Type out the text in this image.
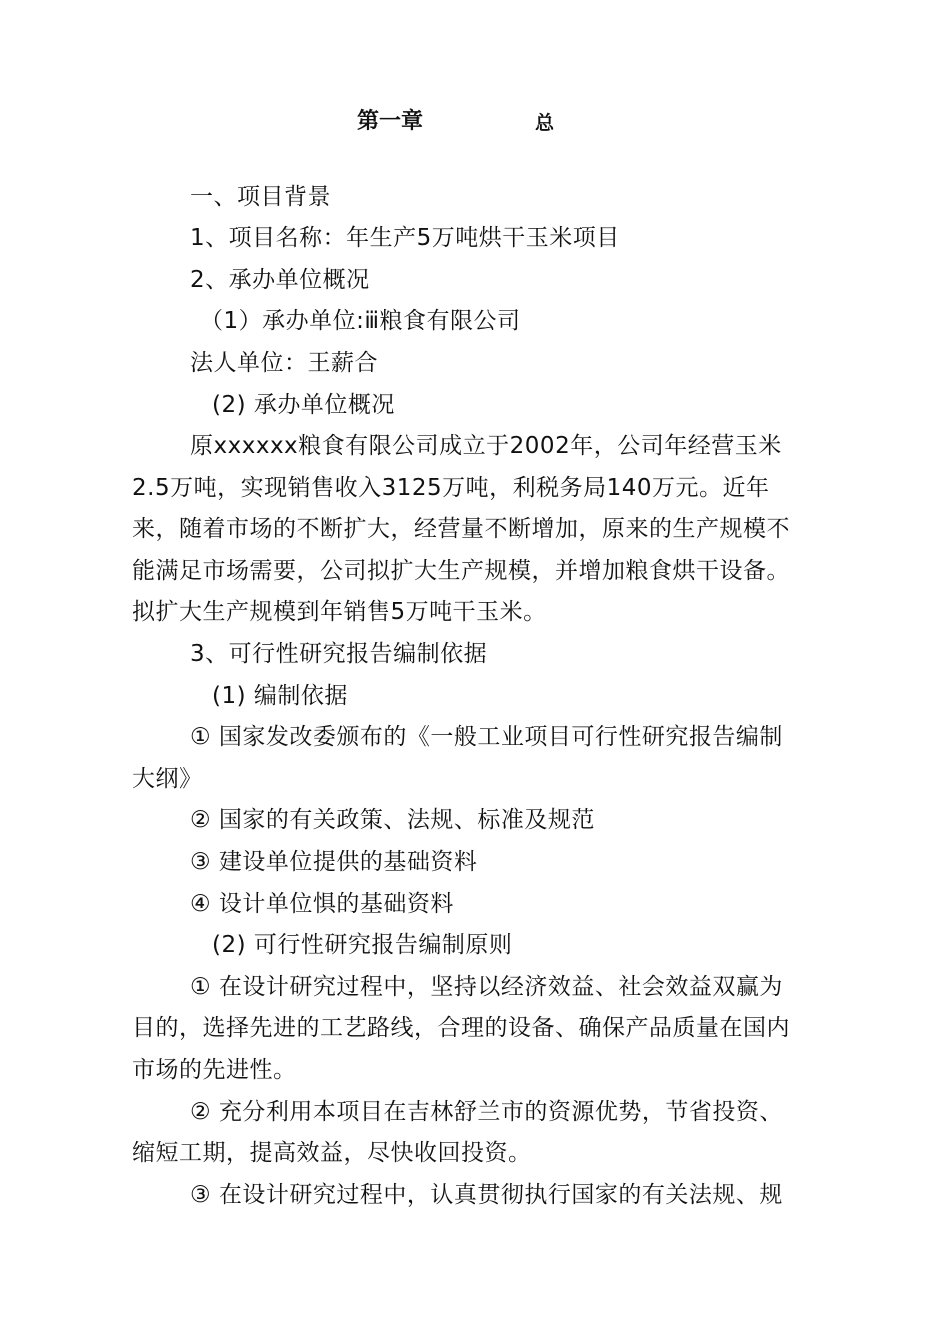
第一章	总
一、项目背景
1、项目名称：年生产5万吨烘干玉米项目
2、承办单位概况
（1）承办单位:ⅲ粮食有限公司
法人单位：王薪合
(2) 承办单位概况
原xxxxxx粮食有限公司成立于2002年，公司年经营玉米
2.5万吨，实现销售收入3125万吨，利税务局140万元。近年
来，随着市场的不断扩大，经营量不断增加，原来的生产规模不
能满足市场需要，公司拟扩大生产规模，并增加粮食烘干设备。
拟扩大生产规模到年销售5万吨干玉米。
3、可行性研究报告编制依据
(1) 编制依据
① 国家发改委颁布的《一般工业项目可行性研究报告编制
大纲》
② 国家的有关政策、法规、标准及规范
③ 建设单位提供的基础资料
④ 设计单位惧的基础资料
(2) 可行性研究报告编制原则
① 在设计研究过程中，坚持以经济效益、社会效益双赢为
目的，选择先进的工艺路线，合理的设备、确保产品质量在国内
市场的先进性。
② 充分利用本项目在吉林舒兰市的资源优势，节省投资、
缩短工期，提高效益，尽快收回投资。
③ 在设计研究过程中，认真贯彻执行国家的有关法规、规
